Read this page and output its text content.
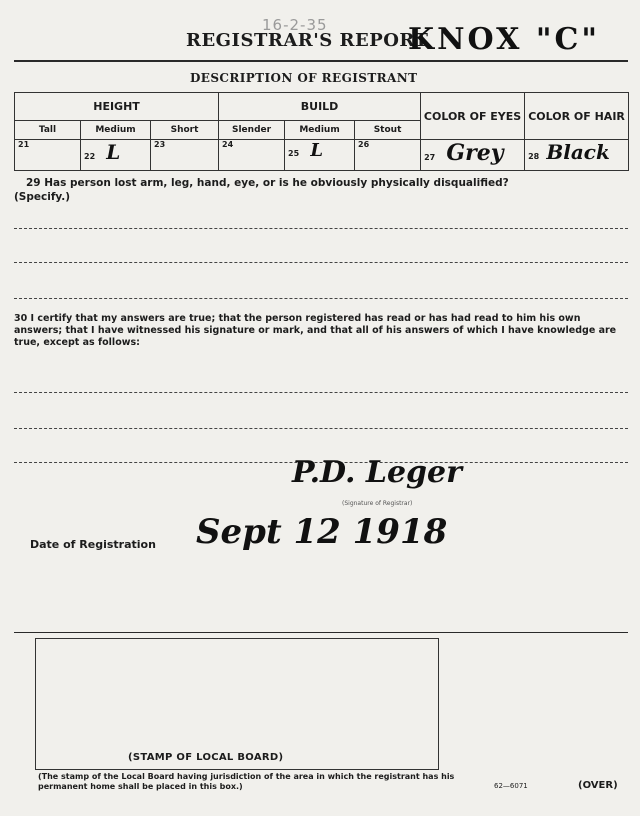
16-2-35
REGISTRAR'S REPORT
KNOX "C"
DESCRIPTION OF REGISTRANT
HEIGHT			BUILD			COLOR OF EYES	COLOR OF HAIR
Tall	Medium	Short	Slender	Medium	Stout		
21	22 L	23	24	25 L	26	27 Grey	28 Black
29 Has person lost arm, leg, hand, eye, or is he obviously physically disqualified?
(Specify.)
30 I certify that my answers are true; that the person registered has read or has had read to him his own answers; that I have witnessed his signature or mark, and that all of his answers of which I have knowledge are true, except as follows:
P.D. Leger
(Signature of Registrar)
Date of Registration Sept 12 1918
(STAMP OF LOCAL BOARD)
(The stamp of the Local Board having jurisdiction of the area in which the registrant has his permanent home shall be placed in this box.)	62—6071	(OVER)
